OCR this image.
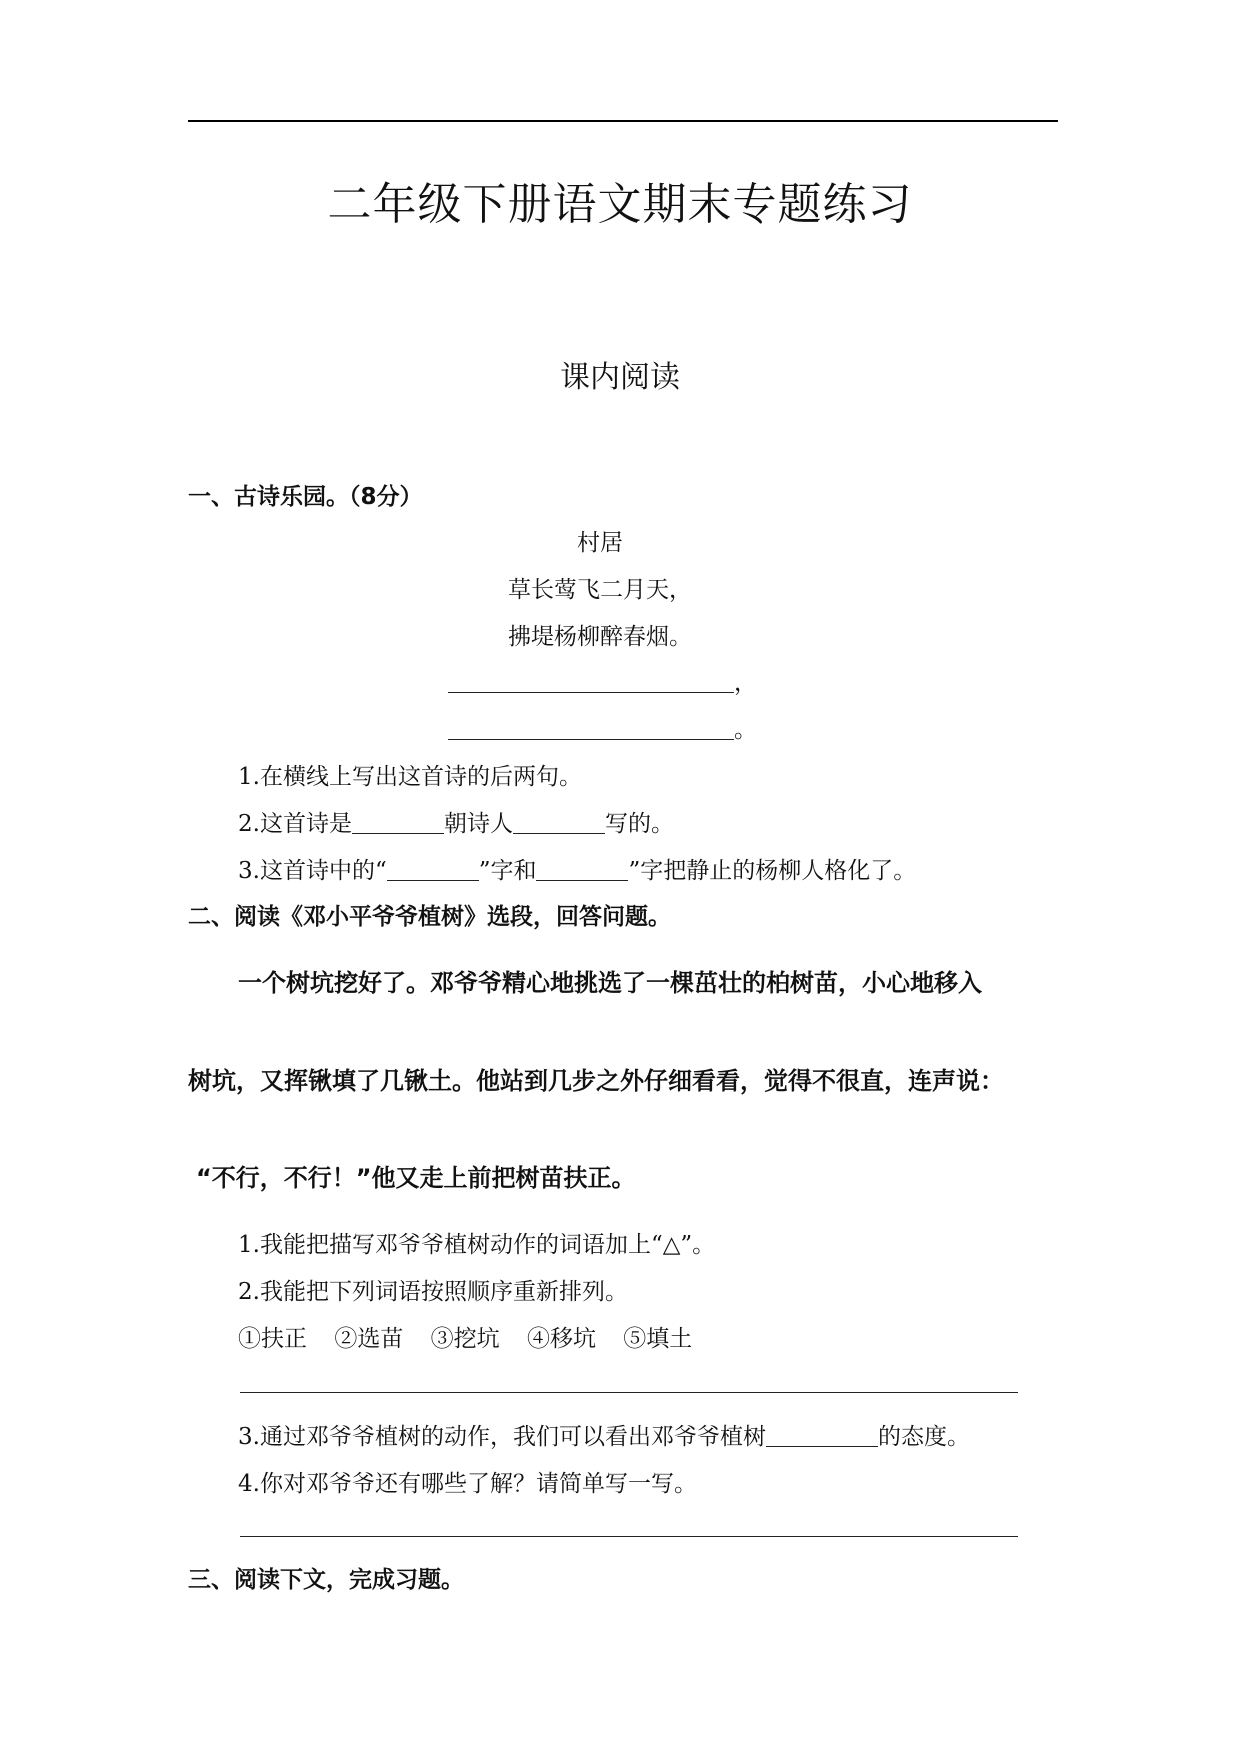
二年级下册语文期末专题练习
课内阅读
一、古诗乐园。（8分）
村居
草长莺飞二月天，
拂堤杨柳醉春烟。
，
。
1.在横线上写出这首诗的后两句。
2.这首诗是	朝诗人	写的。
3.这首诗中的“	”字和	”字把静止的杨柳人格化了。
二、阅读《邓小平爷爷植树》选段，回答问题。
一个树坑挖好了。邓爷爷精心地挑选了一棵茁壮的柏树苗，小心地移入
树坑，又挥锹填了几锹土。他站到几步之外仔细看看，觉得不很直，连声说：
“不行，不行！”他又走上前把树苗扶正。
1.我能把描写邓爷爷植树动作的词语加上“△”。
2.我能把下列词语按照顺序重新排列。
①扶正 ②选苗 ③挖坑 ④移坑 ⑤填土
3.通过邓爷爷植树的动作，我们可以看出邓爷爷植树	的态度。
4.你对邓爷爷还有哪些了解？请简单写一写。
三、阅读下文，完成习题。
